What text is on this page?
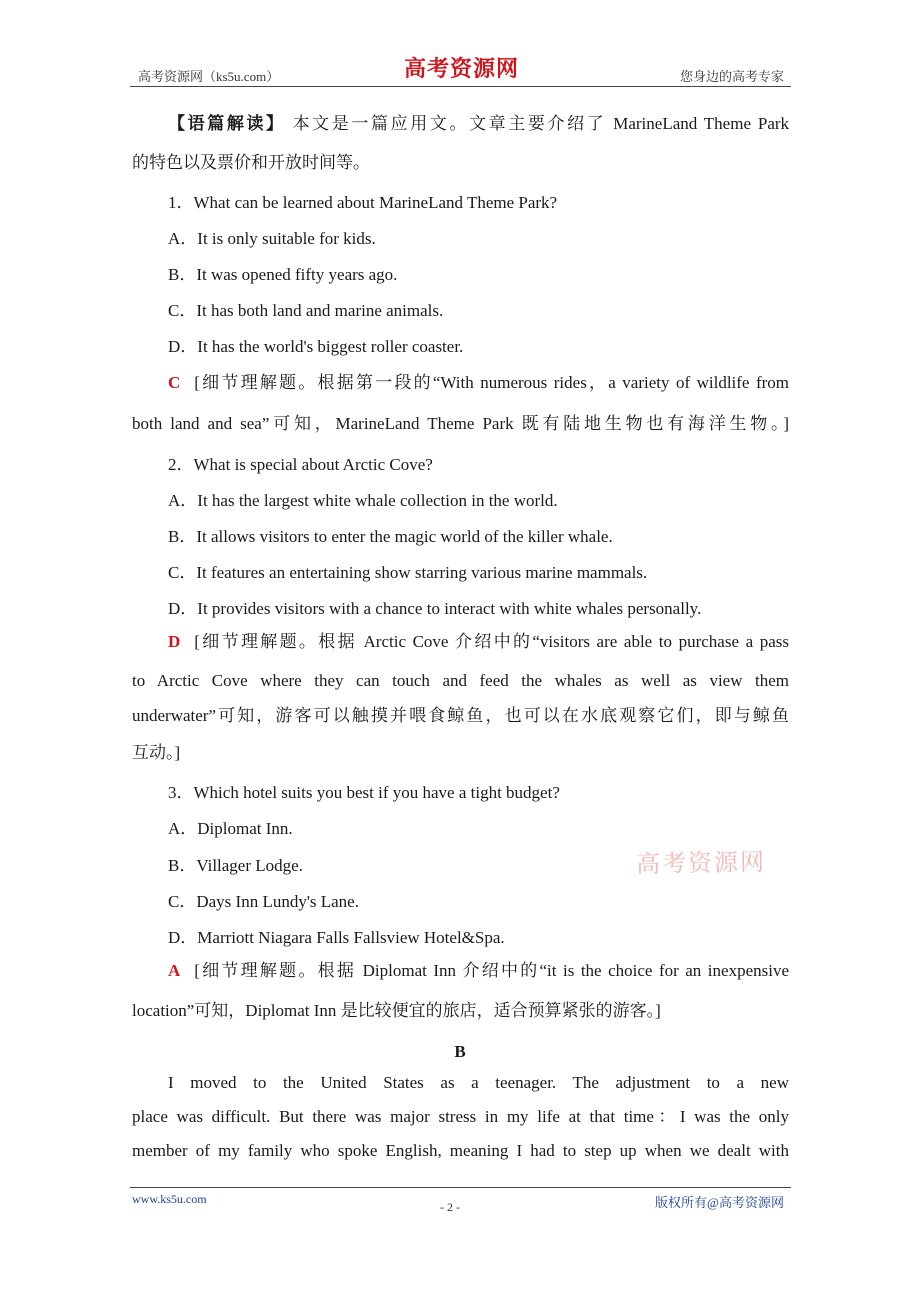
高考资源网（ks5u.com）	高考资源网	您身边的高考专家
【语篇解读】 本文是一篇应用文。文章主要介绍了 MarineLand Theme Park
的特色以及票价和开放时间等。
1．What can be learned about MarineLand Theme Park?
A．It is only suitable for kids.
B．It was opened fifty years ago.
C．It has both land and marine animals.
D．It has the world's biggest roller coaster.
C [细节理解题。根据第一段的“With numerous rides，a variety of wildlife from
both land and sea”可知，MarineLand Theme Park 既有陆地生物也有海洋生物。]
2．What is special about Arctic Cove?
A．It has the largest white whale collection in the world.
B．It allows visitors to enter the magic world of the killer whale.
C．It features an entertaining show starring various marine mammals.
D．It provides visitors with a chance to interact with white whales personally.
D [细节理解题。根据 Arctic Cove 介绍中的“visitors are able to purchase a pass
to Arctic Cove where they can touch and feed the whales as well as view them
underwater”可知，游客可以触摸并喂食鲸鱼，也可以在水底观察它们，即与鲸鱼
互动。]
3．Which hotel suits you best if you have a tight budget?
A．Diplomat Inn.
B．Villager Lodge.
C．Days Inn Lundy's Lane.
D．Marriott Niagara Falls Fallsview Hotel&Spa.
A [细节理解题。根据 Diplomat Inn 介绍中的“it is the choice for an inexpensive
location”可知，Diplomat Inn 是比较便宜的旅店，适合预算紧张的游客。]
高考资源网
B
I moved to the United States as a teenager. The adjustment to a new
place was difficult. But there was major stress in my life at that time：I was the only
member of my family who spoke English, meaning I had to step up when we dealt with
www.ks5u.com
- 2 -	版权所有@高考资源网
